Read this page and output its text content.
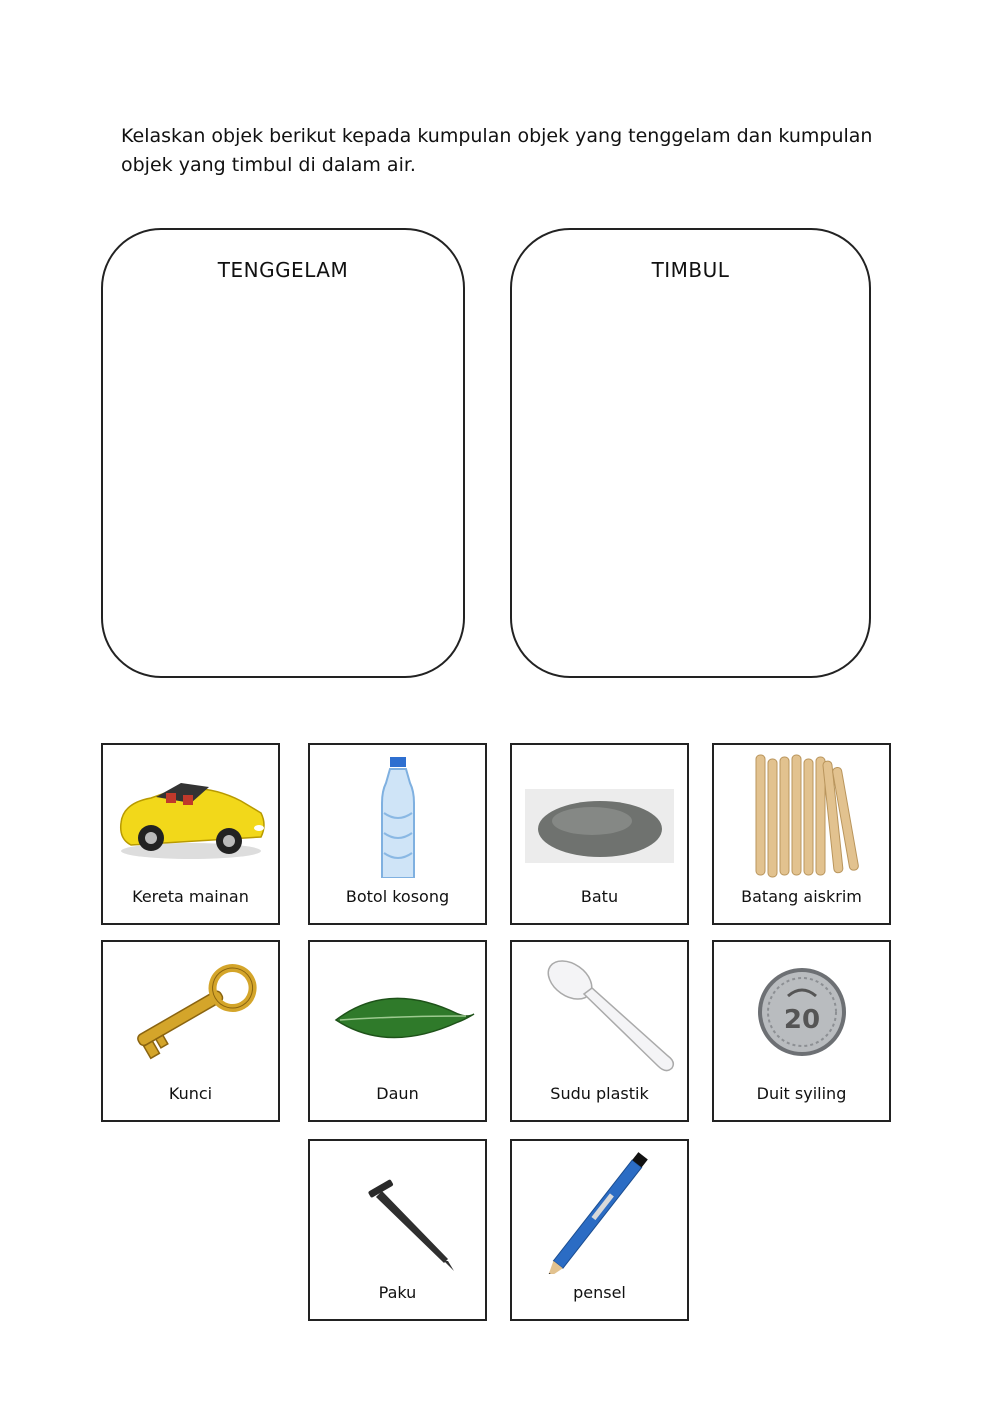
Kelaskan objek berikut kepada kumpulan objek yang tenggelam dan kumpulan objek yang timbul di dalam air.
TENGGELAM	TIMBUL
Kereta mainan	Botol kosong	Batu	Batang aiskrim
Kunci	Daun	Sudu plastik
20
Duit syiling
Paku	pensel
